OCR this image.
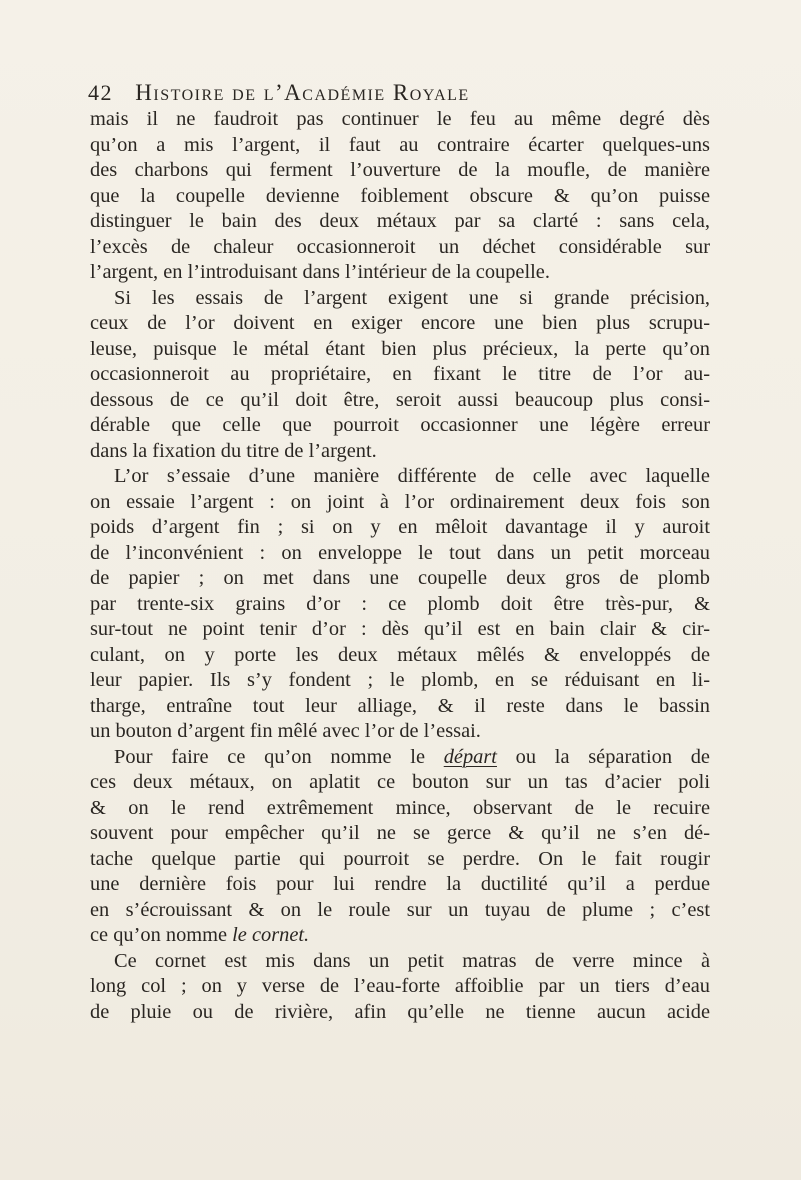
42 Histoire de l’Académie Royale
mais il ne faudroit pas continuer le feu au même degré dès
qu’on a mis l’argent, il faut au contraire écarter quelques-uns
des charbons qui ferment l’ouverture de la moufle, de manière
que la coupelle devienne foiblement obscure & qu’on puisse
distinguer le bain des deux métaux par sa clarté : sans cela,
l’excès de chaleur occasionneroit un déchet considérable sur
l’argent, en l’introduisant dans l’intérieur de la coupelle.
Si les essais de l’argent exigent une si grande précision,
ceux de l’or doivent en exiger encore une bien plus scrupu-
leuse, puisque le métal étant bien plus précieux, la perte qu’on
occasionneroit au propriétaire, en fixant le titre de l’or au-
dessous de ce qu’il doit être, seroit aussi beaucoup plus consi-
dérable que celle que pourroit occasionner une légère erreur
dans la fixation du titre de l’argent.
L’or s’essaie d’une manière différente de celle avec laquelle
on essaie l’argent : on joint à l’or ordinairement deux fois son
poids d’argent fin ; si on y en mêloit davantage il y auroit
de l’inconvénient : on enveloppe le tout dans un petit morceau
de papier ; on met dans une coupelle deux gros de plomb
par trente-six grains d’or : ce plomb doit être très-pur, &
sur-tout ne point tenir d’or : dès qu’il est en bain clair & cir-
culant, on y porte les deux métaux mêlés & enveloppés de
leur papier. Ils s’y fondent ; le plomb, en se réduisant en li-
tharge, entraîne tout leur alliage, & il reste dans le bassin
un bouton d’argent fin mêlé avec l’or de l’essai.
Pour faire ce qu’on nomme le départ ou la séparation de
ces deux métaux, on aplatit ce bouton sur un tas d’acier poli
& on le rend extrêmement mince, observant de le recuire
souvent pour empêcher qu’il ne se gerce & qu’il ne s’en dé-
tache quelque partie qui pourroit se perdre. On le fait rougir
une dernière fois pour lui rendre la ductilité qu’il a perdue
en s’écrouissant & on le roule sur un tuyau de plume ; c’est
ce qu’on nomme le cornet.
Ce cornet est mis dans un petit matras de verre mince à
long col ; on y verse de l’eau-forte affoiblie par un tiers d’eau
de pluie ou de rivière, afin qu’elle ne tienne aucun acide
